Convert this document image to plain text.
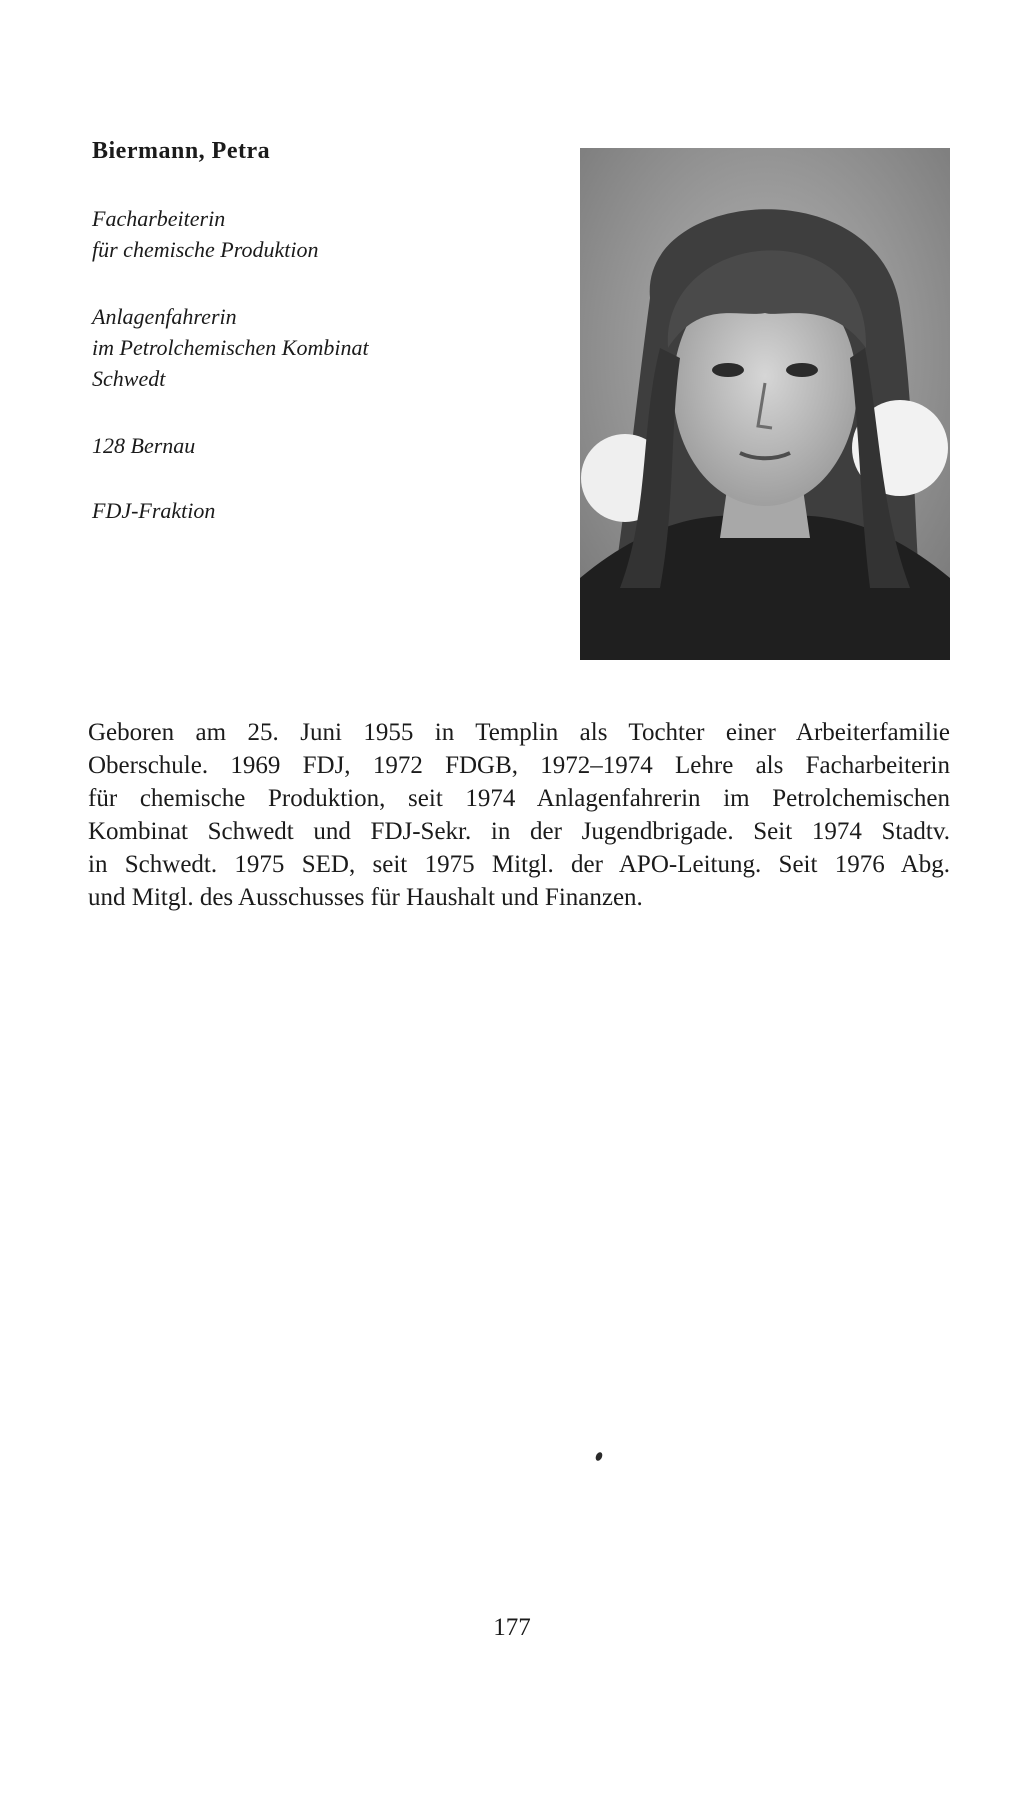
Biermann, Petra
Facharbeiterin
für chemische Produktion
Anlagenfahrerin
im Petrolchemischen Kombinat
Schwedt
128 Bernau
FDJ-Fraktion
Geboren am 25. Juni 1955 in Templin als Tochter einer Arbeiterfamilie
Oberschule. 1969 FDJ, 1972 FDGB, 1972–1974 Lehre als Facharbeiterin
für chemische Produktion, seit 1974 Anlagenfahrerin im Petrolchemischen
Kombinat Schwedt und FDJ-Sekr. in der Jugendbrigade. Seit 1974 Stadtv.
in Schwedt. 1975 SED, seit 1975 Mitgl. der APO-Leitung. Seit 1976 Abg.
und Mitgl. des Ausschusses für Haushalt und Finanzen.
177
